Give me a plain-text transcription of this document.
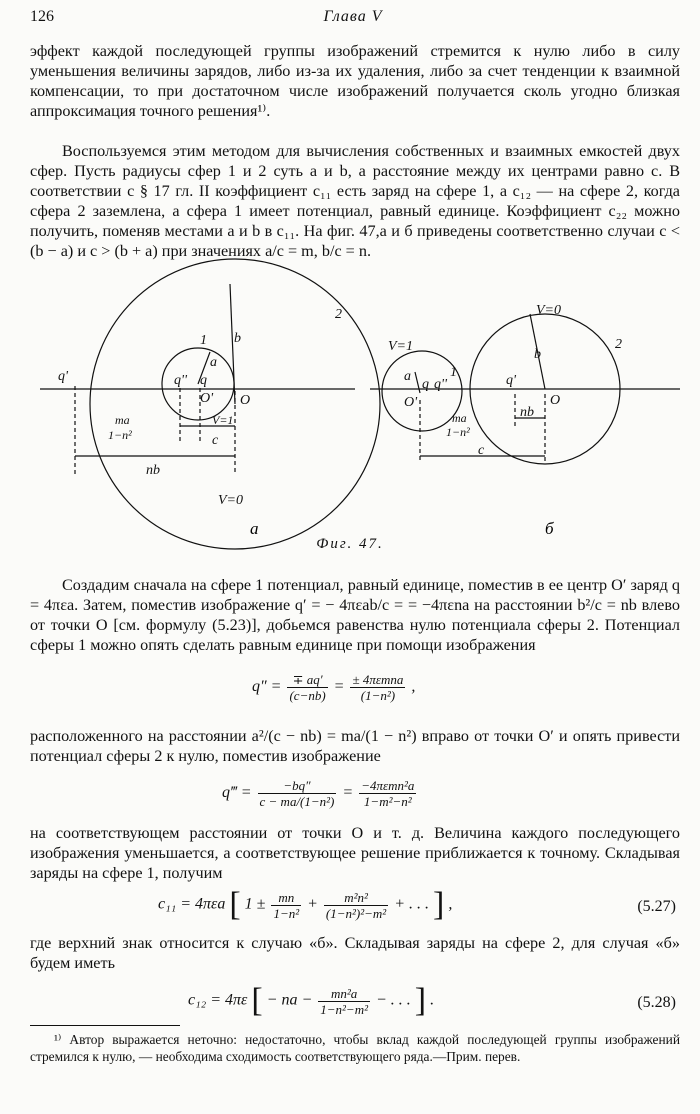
126	Глава V

эффект каждой последующей группы изображений стремится к нулю либо в силу уменьшения величины зарядов, либо из-за их удаления, либо за счет тенденции к взаимной компенсации, то при достаточном числе изображений получается сколь угодно близкая аппроксимация точного решения¹⁾.

Воспользуемся этим методом для вычисления собственных и взаимных емкостей двух сфер. Пусть радиусы сфер 1 и 2 суть a и b, а расстояние между их центрами равно c. В соответствии с § 17 гл. II коэффициент c₁₁ есть заряд на сфере 1, а c₁₂ — на сфере 2, когда сфера 2 заземлена, а сфера 1 имеет потенциал, равный единице. Коэффициент c₂₂ можно получить, поменяв местами a и b в c₁₁. На фиг. 47,а и б приведены соответственно случаи c < (b − a) и c > (b + a) при значениях a/c = m, b/c = n.

q'	q'' q
O' O
1
2
a
b
V=1
V=0
ma
1−n²	c
nb
V=1
V=0
a
q q''
1
2
O'
q'
O
b
ma
1−n²
nb
c
а	б
Фиг. 47.

Создадим сначала на сфере 1 потенциал, равный единице, поместив в ее центр O′ заряд q = 4πεa. Затем, поместив изображение q′ = − 4πεab/c = = −4πεna на расстоянии b²/c = nb влево от точки O [см. формулу (5.23)], добьемся равенства нулю потенциала сферы 2. Потенциал сферы 1 можно опять сделать равным единице при помощи изображения

$q'' = \frac{\mp aq'}{(c-nb)} = \frac{\text{± 4πεmna}}{\text{(1−n²)}}$ ,

расположенного на расстоянии a²/(c − nb) = ma/(1 − n²) вправо от точки O′ и опять привести потенциал сферы 2 к нулю, поместив изображение

q‴ = $\frac{-bq''}{\text{c − ma/(1−n²)}} = \frac{\text{−4πεmn²a}}{\text{1−m²−n²}}$

на соответствующем расстоянии от точки O и т. д. Величина каждого последующего изображения уменьшается, а соответствующее решение приближается к точному. Складывая заряды на сфере 1, получим

c₁₁ = 4πεa [ $1 \pm \frac{mn}{\text{1−n²}} + \frac{\text{m²n²}}{\text{(1−n²)²−m²}}$ + . . . ] ,	(5.27)

где верхний знак относится к случаю «б». Складывая заряды на сфере 2, для случая «б» будем иметь

c₁₂ = 4πε [ − na − $\frac{\text{mn²a}}{\text{1−n²−m²}}$ − . . . ] .	(5.28)

¹⁾ Автор выражается неточно: недостаточно, чтобы вклад каждой последующей группы изображений стремился к нулю, — необходима сходимость соответствующего ряда.—Прим. перев.
